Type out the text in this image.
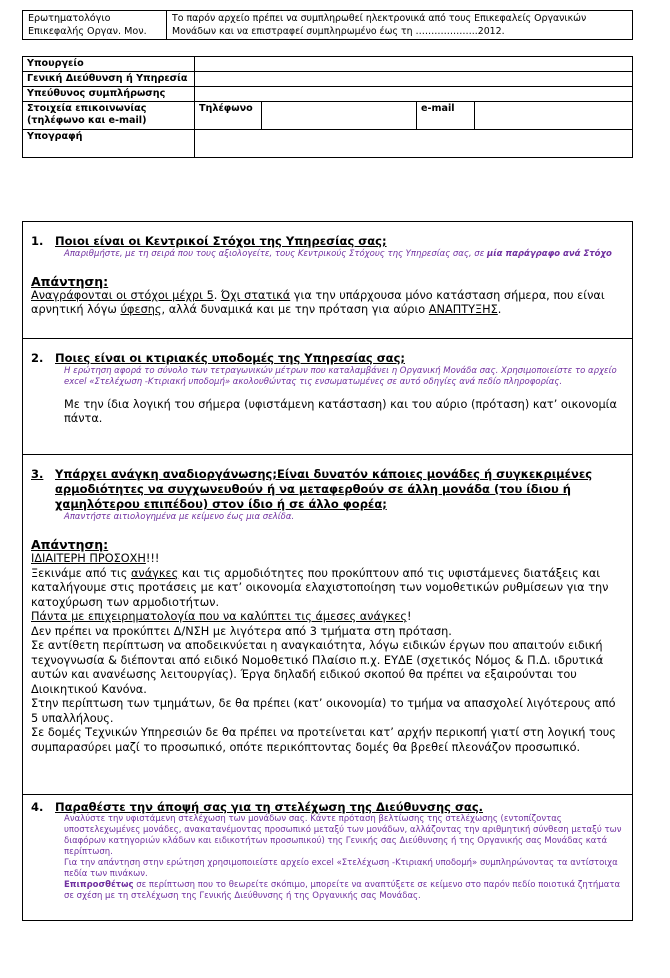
Ερωτηματολόγιο
Επικεφαλής Οργαν. Μον.

Το παρόν αρχείο πρέπει να συμπληρωθεί ηλεκτρονικά από τους Επικεφαλείς Οργανικών
Μονάδων και να επιστραφεί συμπληρωμένο έως τη ………………..2012.
Υπουργείο				
Γενική Διεύθυνση ή Υπηρεσία				
Υπεύθυνος συμπλήρωσης				

Στοιχεία επικοινωνίας
(τηλέφωνο και e-mail)	Τηλέφωνο		e-mail	
Υπογραφή				
1. Ποιοι είναι οι Κεντρικοί Στόχοι της Υπηρεσίας σας;
Απαριθμήστε, με τη σειρά που τους αξιολογείτε, τους Κεντρικούς Στόχους της Υπηρεσίας σας, σε μία παράγραφο ανά Στόχο
Απάντηση:
Αναγράφονται οι στόχοι μέχρι 5. Όχι στατικά για την υπάρχουσα μόνο κατάσταση σήμερα, που είναι αρνητική λόγω ύφεσης, αλλά δυναμικά και με την πρόταση για αύριο ΑΝΑΠΤΥΞΗΣ.

2. Ποιες είναι οι κτιριακές υποδομές της Υπηρεσίας σας;
Η ερώτηση αφορά το σύνολο των τετραγωνικών μέτρων που καταλαμβάνει η Οργανική Μονάδα σας. Χρησιμοποιείστε το αρχείο excel «Στελέχωση -Κτιριακή υποδομή» ακολουθώντας τις ενσωματωμένες σε αυτό οδηγίες ανά πεδίο πληροφορίας.
Με την ίδια λογική του σήμερα (υφιστάμενη κατάσταση) και του αύριο (πρόταση) κατ’ οικονομία πάντα.

3.	Υπάρχει ανάγκη αναδιοργάνωσης;Είναι δυνατόν κάποιες μονάδες ή συγκεκριμένες αρμοδιότητες να συγχωνευθούν ή να μεταφερθούν σε άλλη μονάδα (του ίδιου ή χαμηλότερου επιπέδου) στον ίδιο ή σε άλλο φορέα;
Απαντήστε αιτιολογημένα με κείμενο έως μια σελίδα.
Απάντηση:
ΙΔΙΑΙΤΕΡΗ ΠΡΟΣΟΧΗ!!!
Ξεκινάμε από τις ανάγκες και τις αρμοδιότητες που προκύπτουν από τις υφιστάμενες διατάξεις και καταλήγουμε στις προτάσεις με κατ’ οικονομία ελαχιστοποίηση των νομοθετικών ρυθμίσεων για την κατοχύρωση των αρμοδιοτήτων.
Πάντα με επιχειρηματολογία που να καλύπτει τις άμεσες ανάγκες!
Δεν πρέπει να προκύπτει Δ/ΝΣΗ με λιγότερα από 3 τμήματα στη πρόταση.
Σε αντίθετη περίπτωση να αποδεικνύεται η αναγκαιότητα, λόγω ειδικών έργων που απαιτούν ειδική τεχνογνωσία & διέπονται από ειδικό Νομοθετικό Πλαίσιο π.χ. ΕΥΔΕ (σχετικός Νόμος & Π.Δ. ιδρυτικά αυτών και ανανέωσης λειτουργίας). Έργα δηλαδή ειδικού σκοπού θα πρέπει να εξαιρούνται του Διοικητικού Κανόνα.
Στην περίπτωση των τμημάτων, δε θα πρέπει (κατ’ οικονομία) το τμήμα να απασχολεί λιγότερους από 5 υπαλλήλους.
Σε δομές Τεχνικών Υπηρεσιών δε θα πρέπει να προτείνεται κατ’ αρχήν περικοπή γιατί στη λογική τους συμπαρασύρει μαζί το προσωπικό, οπότε περικόπτοντας δομές θα βρεθεί πλεονάζον προσωπικό.

4. Παραθέστε την άποψή σας για τη στελέχωση της Διεύθυνσης σας.
Αναλύστε την υφιστάμενη στελέχωση των μονάδων σας. Κάντε πρόταση βελτίωσης της στελέχωσης (εντοπίζοντας υποστελεχωμένες μονάδες, ανακατανέμοντας προσωπικό μεταξύ των μονάδων, αλλάζοντας την αριθμητική σύνθεση μεταξύ των διαφόρων κατηγοριών κλάδων και ειδικοτήτων προσωπικού) της Γενικής σας Διεύθυνσης ή της Οργανικής σας Μονάδας κατά περίπτωση.
Για την απάντηση στην ερώτηση χρησιμοποιείστε αρχείο excel «Στελέχωση -Κτιριακή υποδομή» συμπληρώνοντας τα αντίστοιχα πεδία των πινάκων.
Επιπροσθέτως σε περίπτωση που το θεωρείτε σκόπιμο, μπορείτε να αναπτύξετε σε κείμενο στο παρόν πεδίο ποιοτικά ζητήματα σε σχέση με τη στελέχωση της Γενικής Διεύθυνσης ή της Οργανικής σας Μονάδας.
